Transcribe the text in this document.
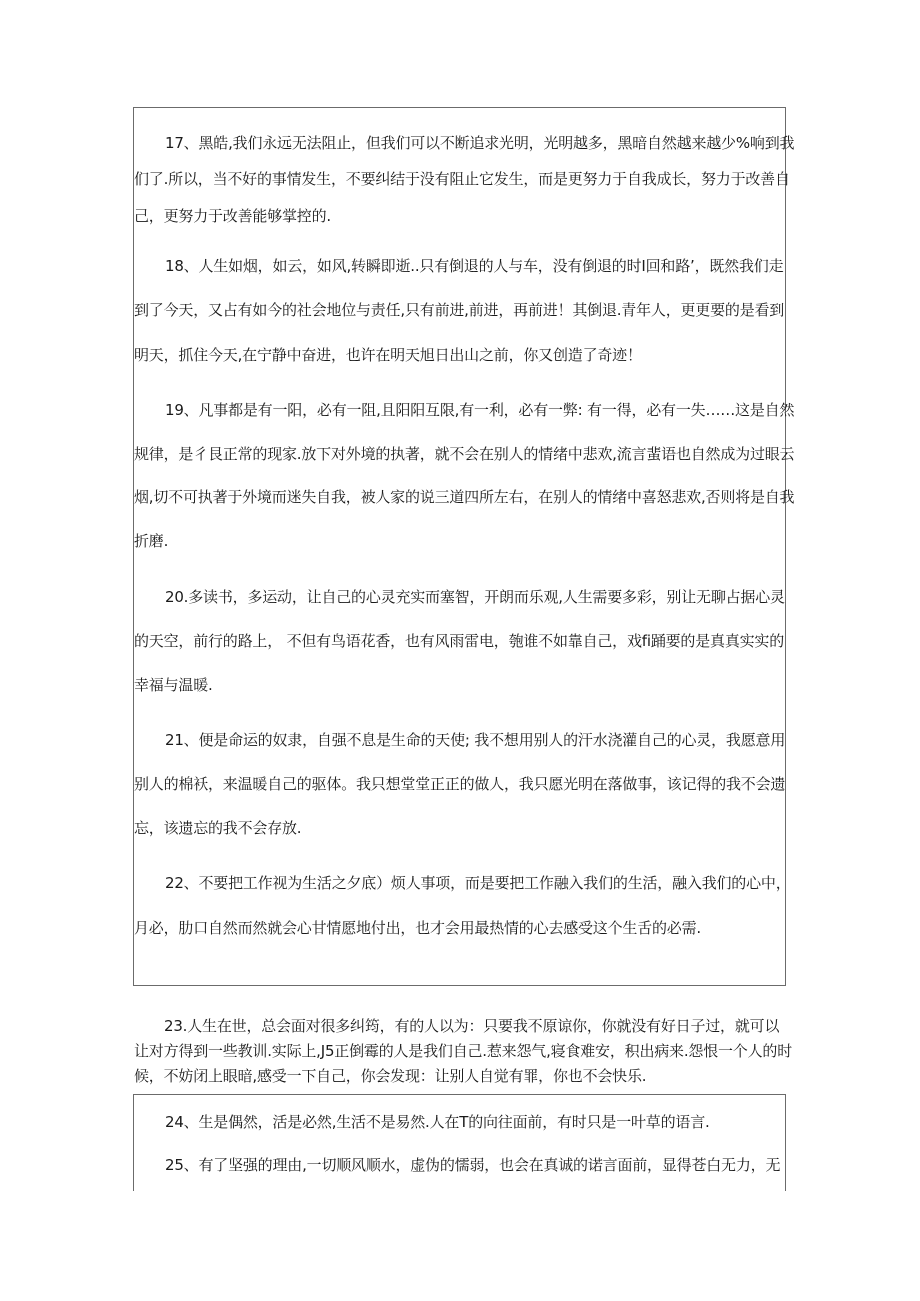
17、黑皓,我们永远无法阻止，但我们可以不断追求光明，光明越多，黑暗自然越来越少%响到我

们了.所以，当不好的事情发生，不要纠结于没有阻止它发生，而是更努力于自我成长，努力于改善自

己，更努力于改善能够掌控的.

18、人生如烟，如云，如风,转瞬即逝..只有倒退的人与车，没有倒退的时I回和路’，既然我们走

到了今天，又占有如今的社会地位与责任,只有前进,前进，再前进！其倒退.青年人，更更要的是看到

明天，抓住今天,在宁静中奋进，也许在明天旭日出山之前，你又创造了奇迹！

19、凡事都是有一阳，必有一阻,且阳阳互限,有一利，必有一弊: 有一得，必有一失……这是自然

规律，是彳艮正常的现家.放下对外境的执著，就不会在别人的情绪中悲欢,流言蜚语也自然成为过眼云

烟,切不可执著于外境而迷失自我，被人家的说三道四所左右，在别人的情绪中喜怒悲欢,否则将是自我

折磨.

20.多读书，多运动，让自己的心灵充实而塞智，开朗而乐观,人生需要多彩，别让无聊占据心灵

的天空，前行的路上， 不但有鸟语花香，也有风雨雷电，匏谁不如靠自己，戏fi踊要的是真真实实的

幸福与温暖.

21、便是命运的奴隶，自强不息是生命的天使; 我不想用别人的汗水浇灌自己的心灵，我愿意用

别人的棉袄，来温暖自己的驱体。我只想堂堂正正的做人，我只愿光明在落做事，该记得的我不会遗

忘，该遗忘的我不会存放.

22、不要把工作视为生活之夕底）烦人事项，而是要把工作融入我们的生活，融入我们的心中，

月必，肋口自然而然就会心甘情愿地付出，也才会用最热情的心去感受这个生舌的必需.

23.人生在世，总会面对很多纠筠，有的人以为：只要我不原谅你，你就没有好日子过，就可以

让对方得到一些教训.实际上,J5正倒霉的人是我们自己.惹来怨气,寝食难安，积出病来.怨恨一个人的时

候，不妨闭上眼暗,感受一下自己，你会发现：让别人自觉有罪，你也不会快乐.

24、生是偶然，活是必然,生活不是易然.人在T的向往面前，有时只是一叶草的语言.

25、有了坚强的理由,一切顺风顺水，虚伪的懦弱，也会在真诚的诺言面前，显得苍白无力，无
